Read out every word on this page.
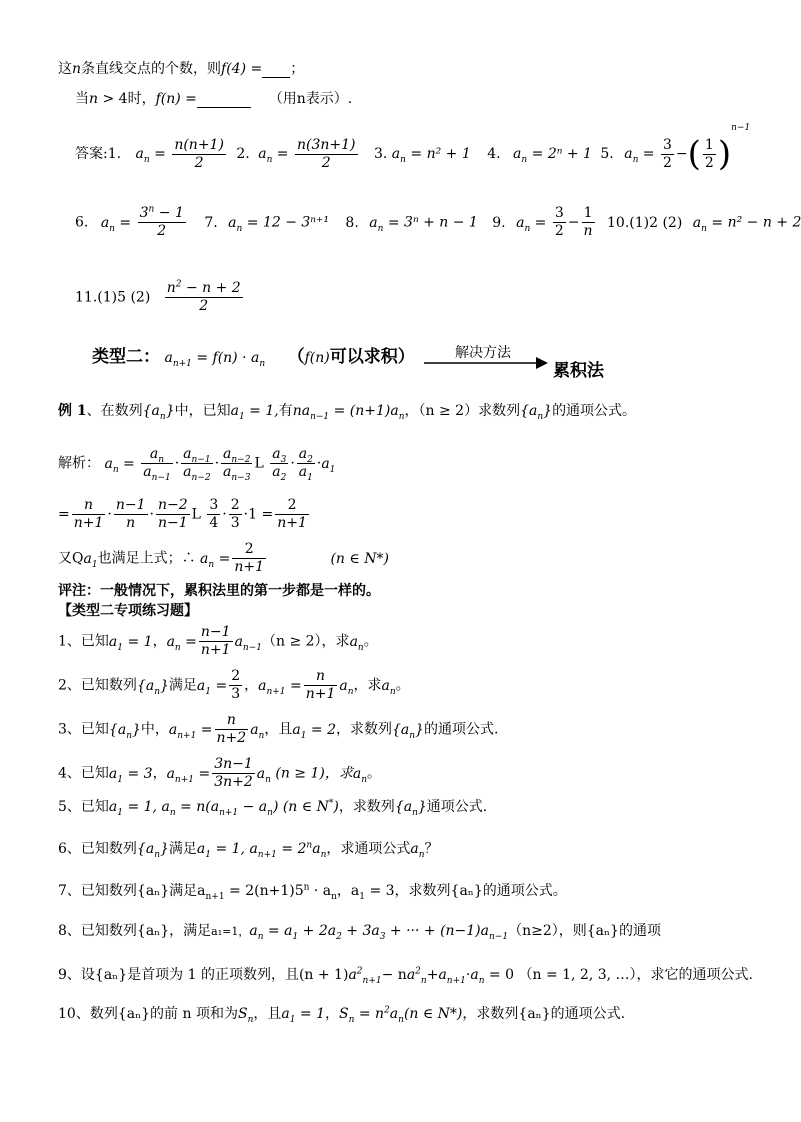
这n条直线交点的个数，则f(4) = ；
当n > 4时，f(n) =	（用n表示）.
答案:1. $a_n = \frac{n(n+1)}{2} 2$. $a_n = \frac{n(3n+1)}{2} 3$. $a_n = n^2 + 1$ 4. $a_n = 2^n + 1$ 5. $a_n = \frac{3}{2}$ −( $\frac{1}{2} )^{n-1}$
6. $a_n = \frac{3^n - 1}{2} 7$. $a_n = 12 - 3^{n+1}$ 8. $a_n = 3^n + n - 1$ 9. $a_n = \frac{3}{2} - \frac{1}{n} 10.(1)2$ (2) $a_n = n^2 - n + 2$
11.(1)5 $(2) \frac{n^2 - n + 2}{2}$
类型二： $a_{n+1} = f(n) \cdot a_n$ （f(n)可以求积）	解决方法
累积法
例 1、在数列$\{a_n\}$中，已知$a_1 = 1$,有$na_{n-1} = (n+1)a_n$，（n ≥ 2）求数列$\{a_n\}$的通项公式。
解析： $a_n = \frac{a_n}{a_{n-1}} \cdot \frac{a_{n-1}}{a_{n-2}} \cdot \frac{a_{n-2}}{a_{n-3}}$ L $\frac{a_3}{a_2} \cdot \frac{a_2}{a_1} \cdot a_1$
= $\frac{n}{n+1} \cdot \frac{n-1}{n} \cdot \frac{n-2}{n-1}$ L $\frac{3}{4} \cdot \frac{2}{3} \cdot 1 = \frac{2}{n+1}$
又$Qa_1$也满足上式；∴ $a_n = \frac{2}{n+1}$	(n ∈ N*)
评注：一般情况下，累积法里的第一步都是一样的。
【类型二专项练习题】
1、已知$a_1 = 1$，$a_n = \frac{n-1}{n+1} a_{n-1}(n \ge 2)$，求$a_n$。
2、已知数列$\{a_n\}$满足$a_1 = \frac{2}{3}$ ，$a_{n+1} = \frac{n}{n+1} a_n$，求$a_n$。
3、已知$\{a_n\}$中，$a_{n+1} = \frac{n}{n+2} a_n$，且$a_1 = 2$，求数列$\{a_n\}$的通项公式.
4、已知$a_1 = 3$，$a_{n+1} = \frac{3n-1}{3n+2} a_n$ (n ≥ 1)，求$a_n$。
5、已知$a_1 = 1$, $a_n = n(a_{n+1} - a_n)$ (n ∈ N*)，求数列$\{a_n\}$通项公式.
6、已知数列$\{a_n\}$满足$a_1 = 1$, $a_{n+1} = 2^na_n$，求通项公式$a_n$？
7、已知数列{aₙ}满足$a_{n+1} = 2(n+1)5^n \cdot a_n$，$a_1 = 3$，求数列{aₙ}的通项公式。
8、已知数列{aₙ}，满足a₁=1，$a_n = a_1 + 2a_2 + 3a_3$ + ··· + $(n-1)a_{n-1}(n\ge 2)$，则{aₙ}的通项
9、设{aₙ}是首项为 1 的正项数列，且$(n + 1)a^2_{n+1}- na^2_n+a_{n+1}\cdot a_n = 0$ （n = 1, 2, 3, …），求它的通项公式.
10、数列{aₙ}的前 n 项和为$S_n$，且$a_1 = 1$，$S_n = n^2a_n(n$ ∈ N*)，求数列{aₙ}的通项公式.
